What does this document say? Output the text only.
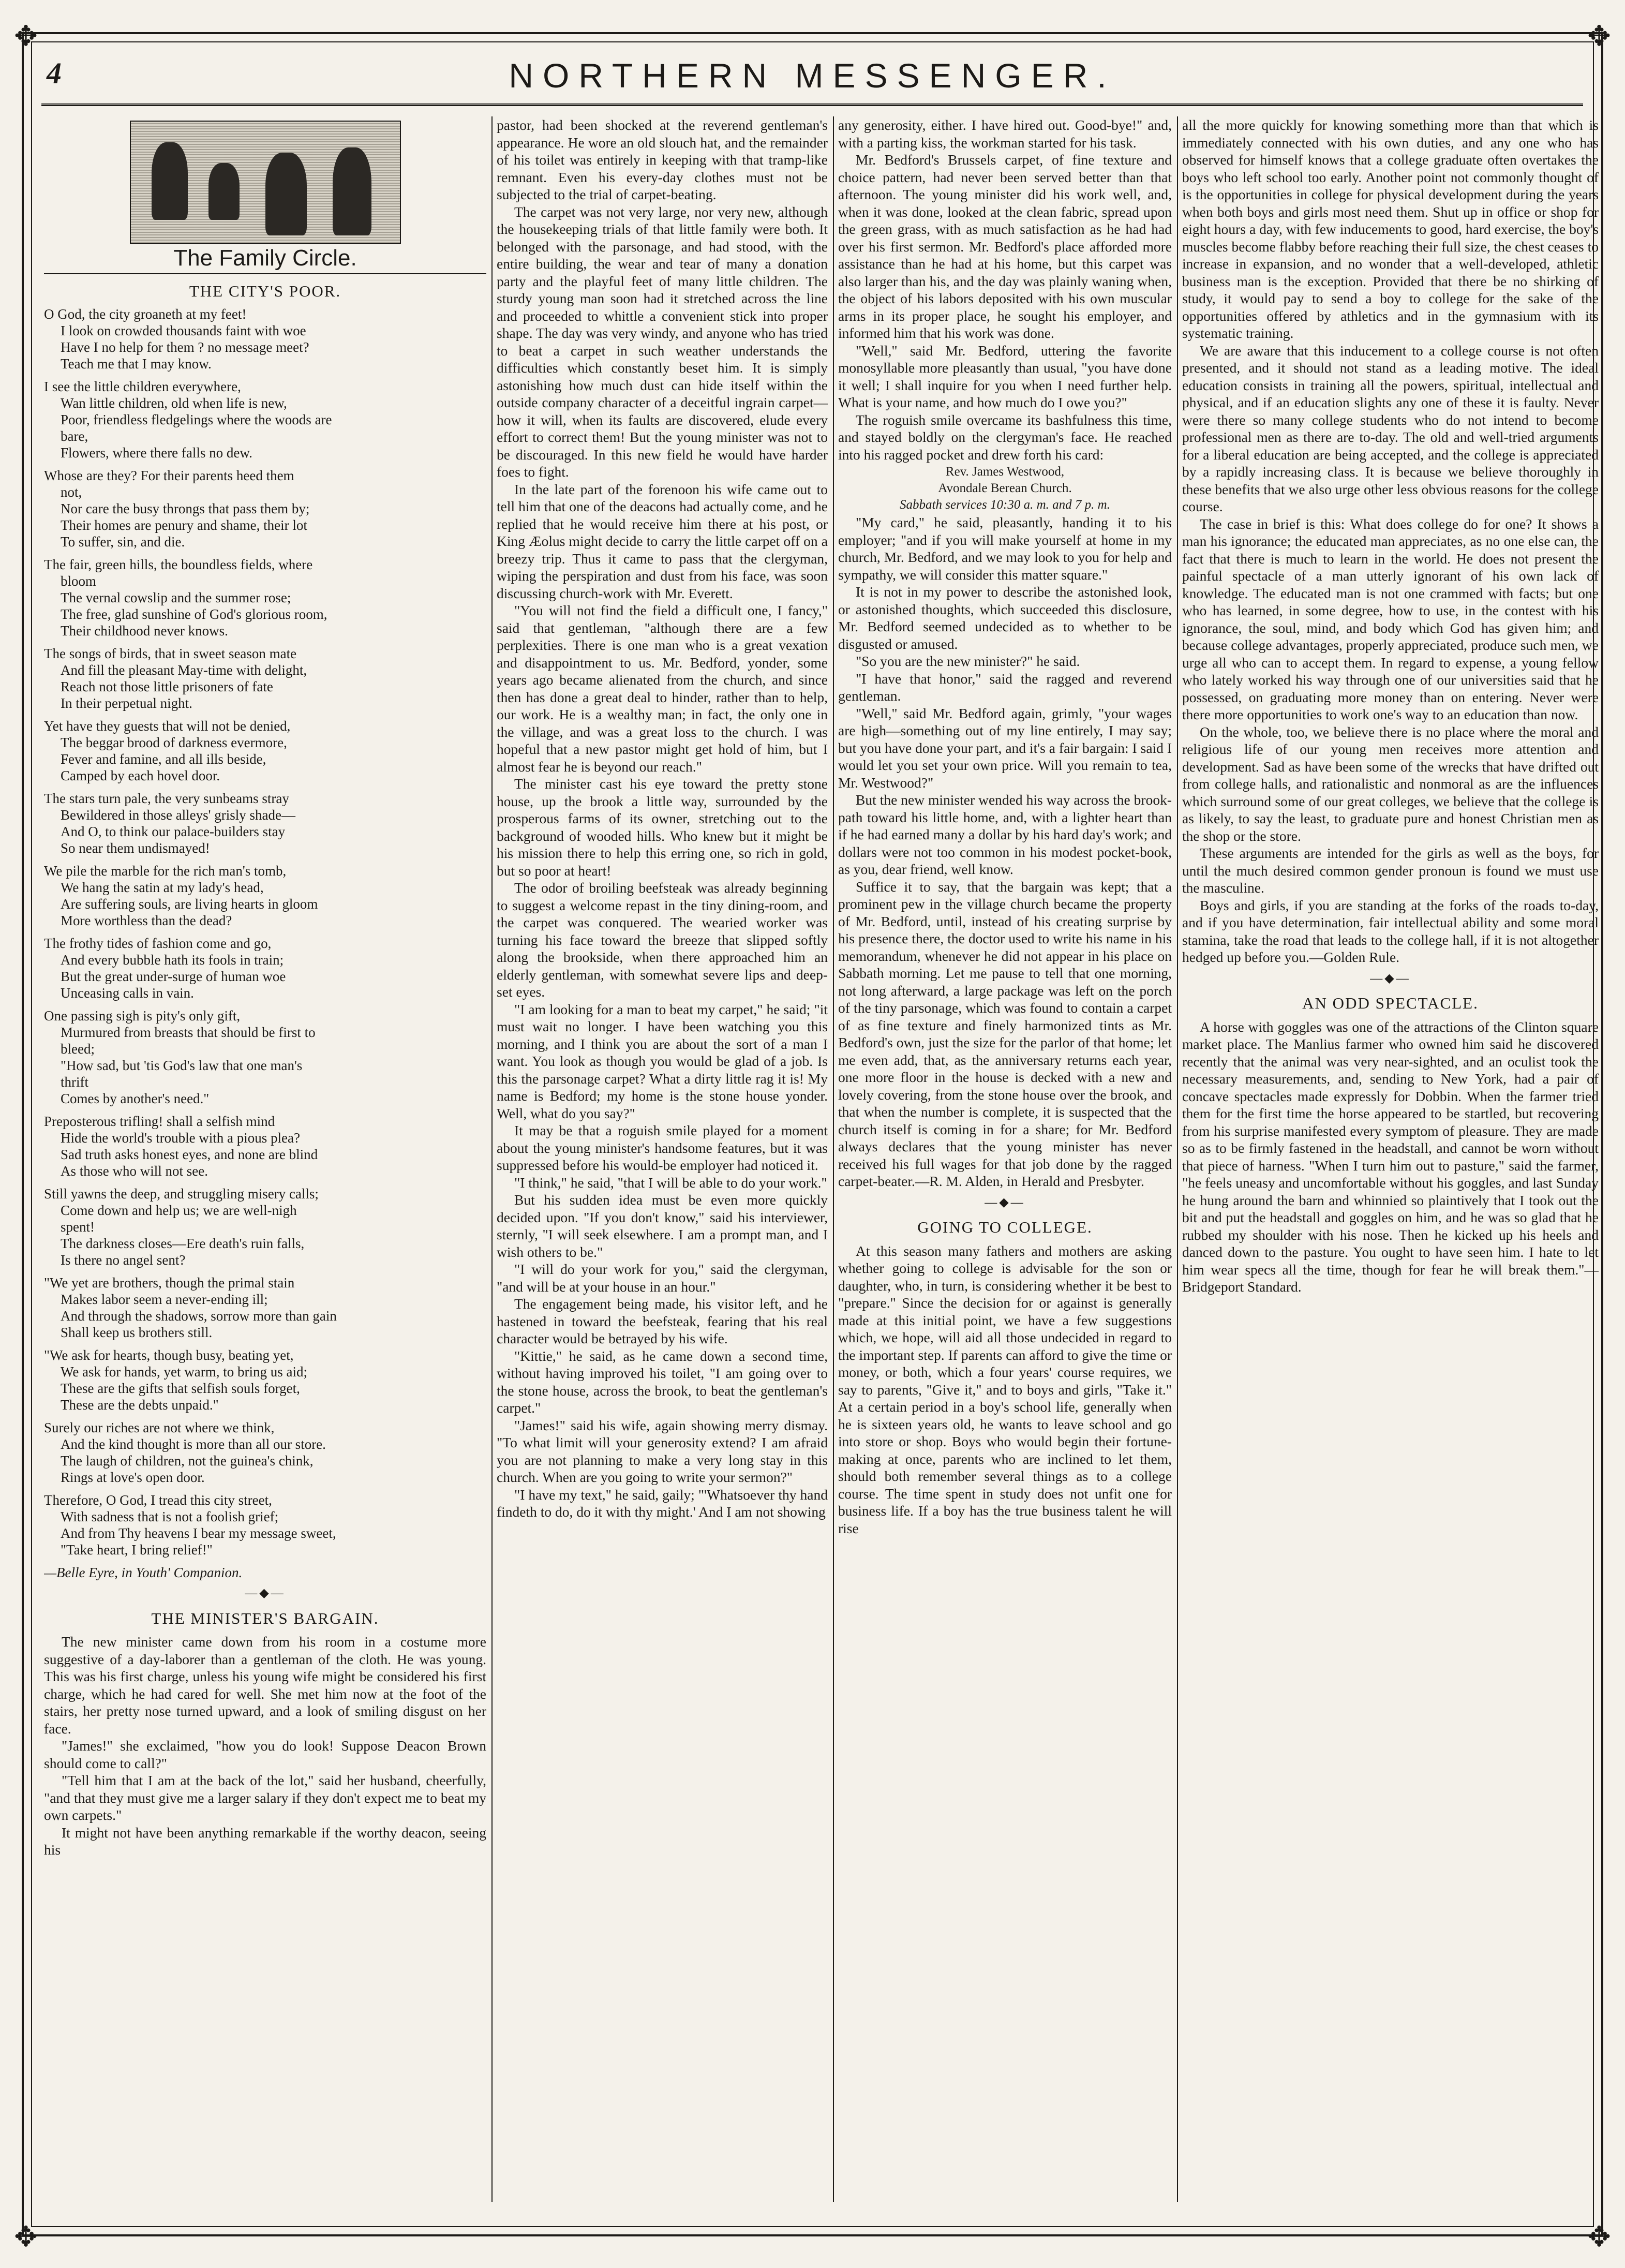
✥	✥
✥	✥
4	NORTHERN MESSENGER.
The Family Circle.
THE CITY'S POOR.
O God, the city groaneth at my feet!
I look on crowded thousands faint with woe
Have I no help for them ? no message meet?
Teach me that I may know.
I see the little children everywhere,
Wan little children, old when life is new,
Poor, friendless fledgelings where the woods are
bare,
Flowers, where there falls no dew.
Whose are they? For their parents heed them
not,
Nor care the busy throngs that pass them by;
Their homes are penury and shame, their lot
To suffer, sin, and die.
The fair, green hills, the boundless fields, where
bloom
The vernal cowslip and the summer rose;
The free, glad sunshine of God's glorious room,
Their childhood never knows.
The songs of birds, that in sweet season mate
And fill the pleasant May-time with delight,
Reach not those little prisoners of fate
In their perpetual night.
Yet have they guests that will not be denied,
The beggar brood of darkness evermore,
Fever and famine, and all ills beside,
Camped by each hovel door.
The stars turn pale, the very sunbeams stray
Bewildered in those alleys' grisly shade—
And O, to think our palace-builders stay
So near them undismayed!
We pile the marble for the rich man's tomb,
We hang the satin at my lady's head,
Are suffering souls, are living hearts in gloom
More worthless than the dead?
The frothy tides of fashion come and go,
And every bubble hath its fools in train;
But the great under-surge of human woe
Unceasing calls in vain.
One passing sigh is pity's only gift,
Murmured from breasts that should be first to
bleed;
"How sad, but 'tis God's law that one man's
thrift
Comes by another's need."
Preposterous trifling! shall a selfish mind
Hide the world's trouble with a pious plea?
Sad truth asks honest eyes, and none are blind
As those who will not see.
Still yawns the deep, and struggling misery calls;
Come down and help us; we are well-nigh
spent!
The darkness closes—Ere death's ruin falls,
Is there no angel sent?
"We yet are brothers, though the primal stain
Makes labor seem a never-ending ill;
And through the shadows, sorrow more than gain
Shall keep us brothers still.
"We ask for hearts, though busy, beating yet,
We ask for hands, yet warm, to bring us aid;
These are the gifts that selfish souls forget,
These are the debts unpaid."
Surely our riches are not where we think,
And the kind thought is more than all our store.
The laugh of children, not the guinea's chink,
Rings at love's open door.
Therefore, O God, I tread this city street,
With sadness that is not a foolish grief;
And from Thy heavens I bear my message sweet,
"Take heart, I bring relief!"
—Belle Eyre, in Youth' Companion.
—◆—
THE MINISTER'S BARGAIN.

The new minister came down from his room in a costume more suggestive of a day-laborer than a gentleman of the cloth. He was young. This was his first charge, unless his young wife might be considered his first charge, which he had cared for well. She met him now at the foot of the stairs, her pretty nose turned upward, and a look of smiling disgust on her face.

"James!" she exclaimed, "how you do look! Suppose Deacon Brown should come to call?"

"Tell him that I am at the back of the lot," said her husband, cheerfully, "and that they must give me a larger salary if they don't expect me to beat my own carpets."

It might not have been anything remarkable if the worthy deacon, seeing his

pastor, had been shocked at the reverend gentleman's appearance. He wore an old slouch hat, and the remainder of his toilet was entirely in keeping with that tramp-like remnant. Even his every-day clothes must not be subjected to the trial of carpet-beating.

The carpet was not very large, nor very new, although the housekeeping trials of that little family were both. It belonged with the parsonage, and had stood, with the entire building, the wear and tear of many a donation party and the playful feet of many little children. The sturdy young man soon had it stretched across the line and proceeded to whittle a convenient stick into proper shape. The day was very windy, and anyone who has tried to beat a carpet in such weather understands the difficulties which constantly beset him. It is simply astonishing how much dust can hide itself within the outside company character of a deceitful ingrain carpet—how it will, when its faults are discovered, elude every effort to correct them! But the young minister was not to be discouraged. In this new field he would have harder foes to fight.

In the late part of the forenoon his wife came out to tell him that one of the deacons had actually come, and he replied that he would receive him there at his post, or King Æolus might decide to carry the little carpet off on a breezy trip. Thus it came to pass that the clergyman, wiping the perspiration and dust from his face, was soon discussing church-work with Mr. Everett.

"You will not find the field a difficult one, I fancy," said that gentleman, "although there are a few perplexities. There is one man who is a great vexation and disappointment to us. Mr. Bedford, yonder, some years ago became alienated from the church, and since then has done a great deal to hinder, rather than to help, our work. He is a wealthy man; in fact, the only one in the village, and was a great loss to the church. I was hopeful that a new pastor might get hold of him, but I almost fear he is beyond our reach."

The minister cast his eye toward the pretty stone house, up the brook a little way, surrounded by the prosperous farms of its owner, stretching out to the background of wooded hills. Who knew but it might be his mission there to help this erring one, so rich in gold, but so poor at heart!

The odor of broiling beefsteak was already beginning to suggest a welcome repast in the tiny dining-room, and the carpet was conquered. The wearied worker was turning his face toward the breeze that slipped softly along the brookside, when there approached him an elderly gentleman, with somewhat severe lips and deep-set eyes.

"I am looking for a man to beat my carpet," he said; "it must wait no longer. I have been watching you this morning, and I think you are about the sort of a man I want. You look as though you would be glad of a job. Is this the parsonage carpet? What a dirty little rag it is! My name is Bedford; my home is the stone house yonder. Well, what do you say?"

It may be that a roguish smile played for a moment about the young minister's handsome features, but it was suppressed before his would-be employer had noticed it.

"I think," he said, "that I will be able to do your work."

But his sudden idea must be even more quickly decided upon. "If you don't know," said his interviewer, sternly, "I will seek elsewhere. I am a prompt man, and I wish others to be."

"I will do your work for you," said the clergyman, "and will be at your house in an hour."

The engagement being made, his visitor left, and he hastened in toward the beefsteak, fearing that his real character would be betrayed by his wife.

"Kittie," he said, as he came down a second time, without having improved his toilet, "I am going over to the stone house, across the brook, to beat the gentleman's carpet."

"James!" said his wife, again showing merry dismay. "To what limit will your generosity extend? I am afraid you are not planning to make a very long stay in this church. When are you going to write your sermon?"

"I have my text," he said, gaily; "'Whatsoever thy hand findeth to do, do it with thy might.' And I am not showing

any generosity, either. I have hired out. Good-bye!" and, with a parting kiss, the workman started for his task.

Mr. Bedford's Brussels carpet, of fine texture and choice pattern, had never been served better than that afternoon. The young minister did his work well, and, when it was done, looked at the clean fabric, spread upon the green grass, with as much satisfaction as he had had over his first sermon. Mr. Bedford's place afforded more assistance than he had at his home, but this carpet was also larger than his, and the day was plainly waning when, the object of his labors deposited with his own muscular arms in its proper place, he sought his employer, and informed him that his work was done.

"Well," said Mr. Bedford, uttering the favorite monosyllable more pleasantly than usual, "you have done it well; I shall inquire for you when I need further help. What is your name, and how much do I owe you?"

The roguish smile overcame its bashfulness this time, and stayed boldly on the clergyman's face. He reached into his ragged pocket and drew forth his card:

Rev. James Westwood,
Avondale Berean Church.
Sabbath services 10:30 a. m. and 7 p. m.

"My card," he said, pleasantly, handing it to his employer; "and if you will make yourself at home in my church, Mr. Bedford, and we may look to you for help and sympathy, we will consider this matter square."

It is not in my power to describe the astonished look, or astonished thoughts, which succeeded this disclosure, Mr. Bedford seemed undecided as to whether to be disgusted or amused.

"So you are the new minister?" he said.

"I have that honor," said the ragged and reverend gentleman.

"Well," said Mr. Bedford again, grimly, "your wages are high—something out of my line entirely, I may say; but you have done your part, and it's a fair bargain: I said I would let you set your own price. Will you remain to tea, Mr. Westwood?"

But the new minister wended his way across the brook-path toward his little home, and, with a lighter heart than if he had earned many a dollar by his hard day's work; and dollars were not too common in his modest pocket-book, as you, dear friend, well know.

Suffice it to say, that the bargain was kept; that a prominent pew in the village church became the property of Mr. Bedford, until, instead of his creating surprise by his presence there, the doctor used to write his name in his memorandum, whenever he did not appear in his place on Sabbath morning. Let me pause to tell that one morning, not long afterward, a large package was left on the porch of the tiny parsonage, which was found to contain a carpet of as fine texture and finely harmonized tints as Mr. Bedford's own, just the size for the parlor of that home; let me even add, that, as the anniversary returns each year, one more floor in the house is decked with a new and lovely covering, from the stone house over the brook, and that when the number is complete, it is suspected that the church itself is coming in for a share; for Mr. Bedford always declares that the young minister has never received his full wages for that job done by the ragged carpet-beater.—R. M. Alden, in Herald and Presbyter.

—◆—
GOING TO COLLEGE.

At this season many fathers and mothers are asking whether going to college is advisable for the son or daughter, who, in turn, is considering whether it be best to "prepare." Since the decision for or against is generally made at this initial point, we have a few suggestions which, we hope, will aid all those undecided in regard to the important step. If parents can afford to give the time or money, or both, which a four years' course requires, we say to parents, "Give it," and to boys and girls, "Take it." At a certain period in a boy's school life, generally when he is sixteen years old, he wants to leave school and go into store or shop. Boys who would begin their fortune-making at once, parents who are inclined to let them, should both remember several things as to a college course. The time spent in study does not unfit one for business life. If a boy has the true business talent he will rise

all the more quickly for knowing something more than that which is immediately connected with his own duties, and any one who has observed for himself knows that a college graduate often overtakes the boys who left school too early. Another point not commonly thought of is the opportunities in college for physical development during the years when both boys and girls most need them. Shut up in office or shop for eight hours a day, with few inducements to good, hard exercise, the boy's muscles become flabby before reaching their full size, the chest ceases to increase in expansion, and no wonder that a well-developed, athletic business man is the exception. Provided that there be no shirking of study, it would pay to send a boy to college for the sake of the opportunities offered by athletics and in the gymnasium with its systematic training.

We are aware that this inducement to a college course is not often presented, and it should not stand as a leading motive. The ideal education consists in training all the powers, spiritual, intellectual and physical, and if an education slights any one of these it is faulty. Never were there so many college students who do not intend to become professional men as there are to-day. The old and well-tried arguments for a liberal education are being accepted, and the college is appreciated by a rapidly increasing class. It is because we believe thoroughly in these benefits that we also urge other less obvious reasons for the college course.

The case in brief is this: What does college do for one? It shows a man his ignorance; the educated man appreciates, as no one else can, the fact that there is much to learn in the world. He does not present the painful spectacle of a man utterly ignorant of his own lack of knowledge. The educated man is not one crammed with facts; but one who has learned, in some degree, how to use, in the contest with his ignorance, the soul, mind, and body which God has given him; and because college advantages, properly appreciated, produce such men, we urge all who can to accept them. In regard to expense, a young fellow who lately worked his way through one of our universities said that he possessed, on graduating more money than on entering. Never were there more opportunities to work one's way to an education than now.

On the whole, too, we believe there is no place where the moral and religious life of our young men receives more attention and development. Sad as have been some of the wrecks that have drifted out from college halls, and rationalistic and nonmoral as are the influences which surround some of our great colleges, we believe that the college is as likely, to say the least, to graduate pure and honest Christian men as the shop or the store.

These arguments are intended for the girls as well as the boys, for until the much desired common gender pronoun is found we must use the masculine.

Boys and girls, if you are standing at the forks of the roads to-day, and if you have determination, fair intellectual ability and some moral stamina, take the road that leads to the college hall, if it is not altogether hedged up before you.—Golden Rule.

—◆—
AN ODD SPECTACLE.

A horse with goggles was one of the attractions of the Clinton square market place. The Manlius farmer who owned him said he discovered recently that the animal was very near-sighted, and an oculist took the necessary measurements, and, sending to New York, had a pair of concave spectacles made expressly for Dobbin. When the farmer tried them for the first time the horse appeared to be startled, but recovering from his surprise manifested every symptom of pleasure. They are made so as to be firmly fastened in the headstall, and cannot be worn without that piece of harness. "When I turn him out to pasture," said the farmer, "he feels uneasy and uncomfortable without his goggles, and last Sunday he hung around the barn and whinnied so plaintively that I took out the bit and put the headstall and goggles on him, and he was so glad that he rubbed my shoulder with his nose. Then he kicked up his heels and danced down to the pasture. You ought to have seen him. I hate to let him wear specs all the time, though for fear he will break them."—Bridgeport Standard.
